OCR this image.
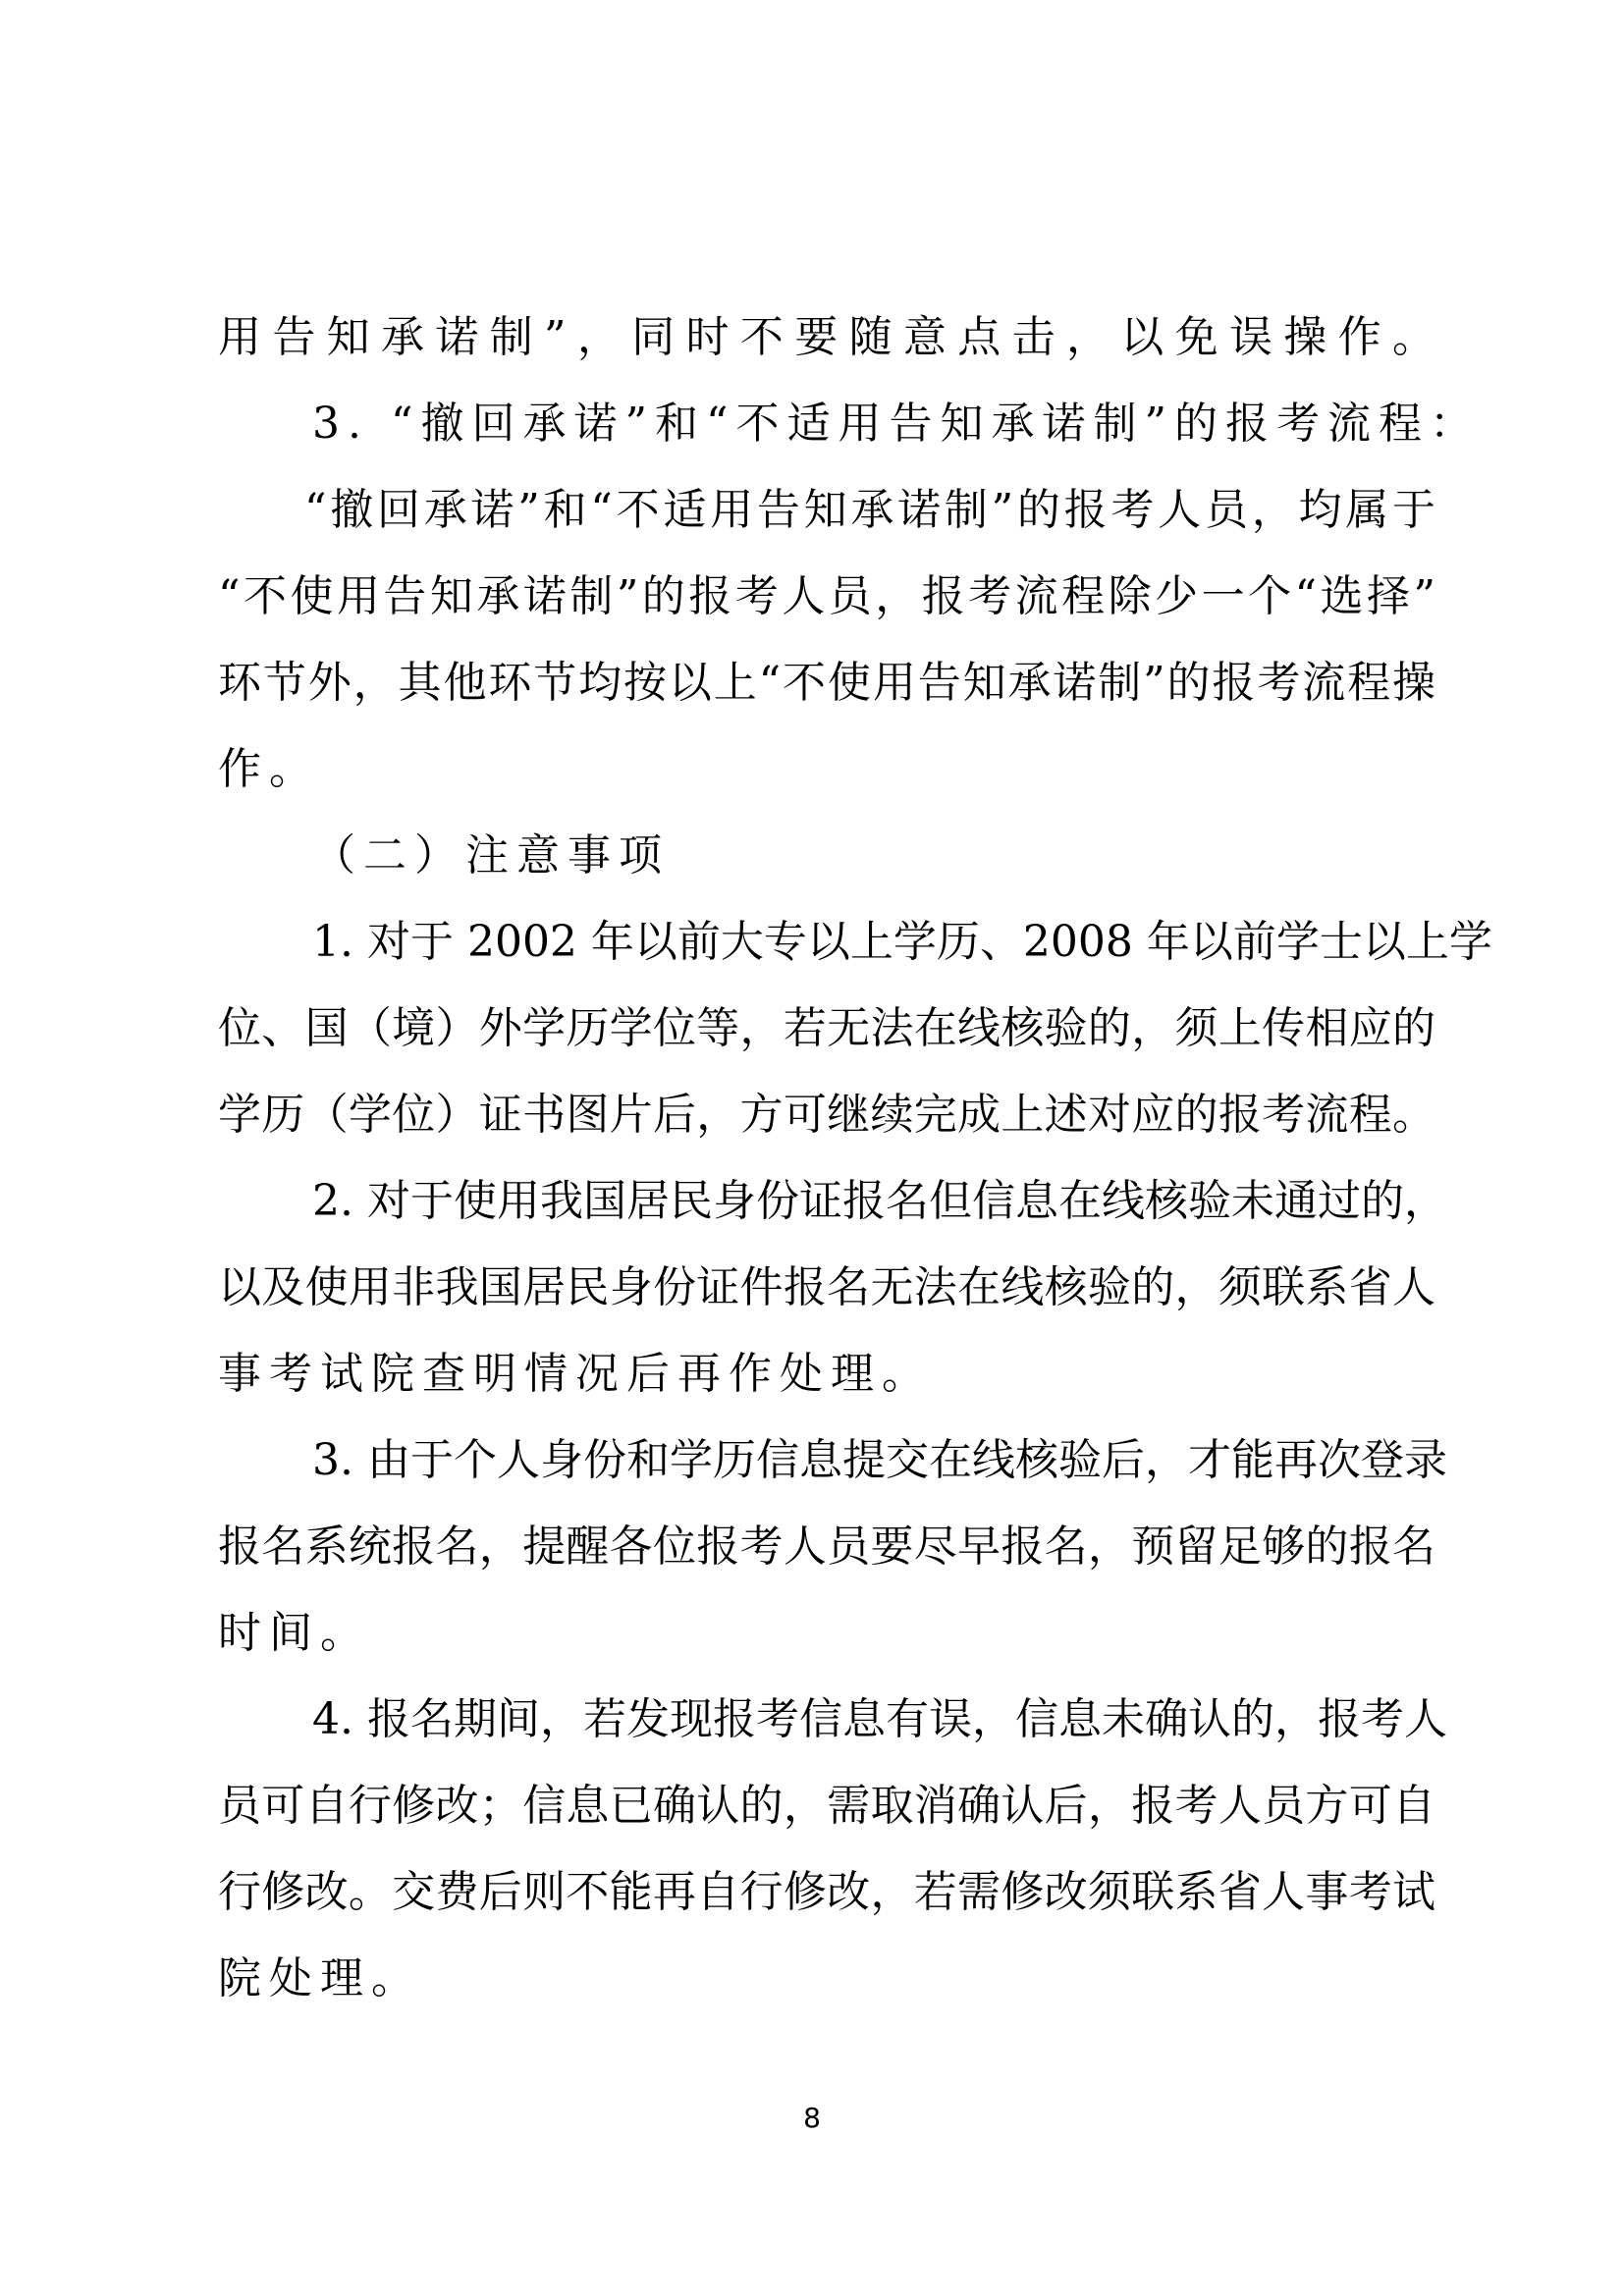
用告知承诺制”，同时不要随意点击，以免误操作。
3. “撤回承诺”和“不适用告知承诺制”的报考流程：
“撤回承诺”和“不适用告知承诺制”的报考人员，均属于
“不使用告知承诺制”的报考人员，报考流程除少一个“选择”
环节外，其他环节均按以上“不使用告知承诺制”的报考流程操
作。
（二）注意事项
1. 对于 2002 年以前大专以上学历、2008 年以前学士以上学
位、国（境）外学历学位等，若无法在线核验的，须上传相应的
学历（学位）证书图片后，方可继续完成上述对应的报考流程。
2. 对于使用我国居民身份证报名但信息在线核验未通过的，
以及使用非我国居民身份证件报名无法在线核验的，须联系省人
事考试院查明情况后再作处理。
3. 由于个人身份和学历信息提交在线核验后，才能再次登录
报名系统报名，提醒各位报考人员要尽早报名，预留足够的报名
时间。
4. 报名期间，若发现报考信息有误，信息未确认的，报考人
员可自行修改；信息已确认的，需取消确认后，报考人员方可自
行修改。交费后则不能再自行修改，若需修改须联系省人事考试
院处理。
8
